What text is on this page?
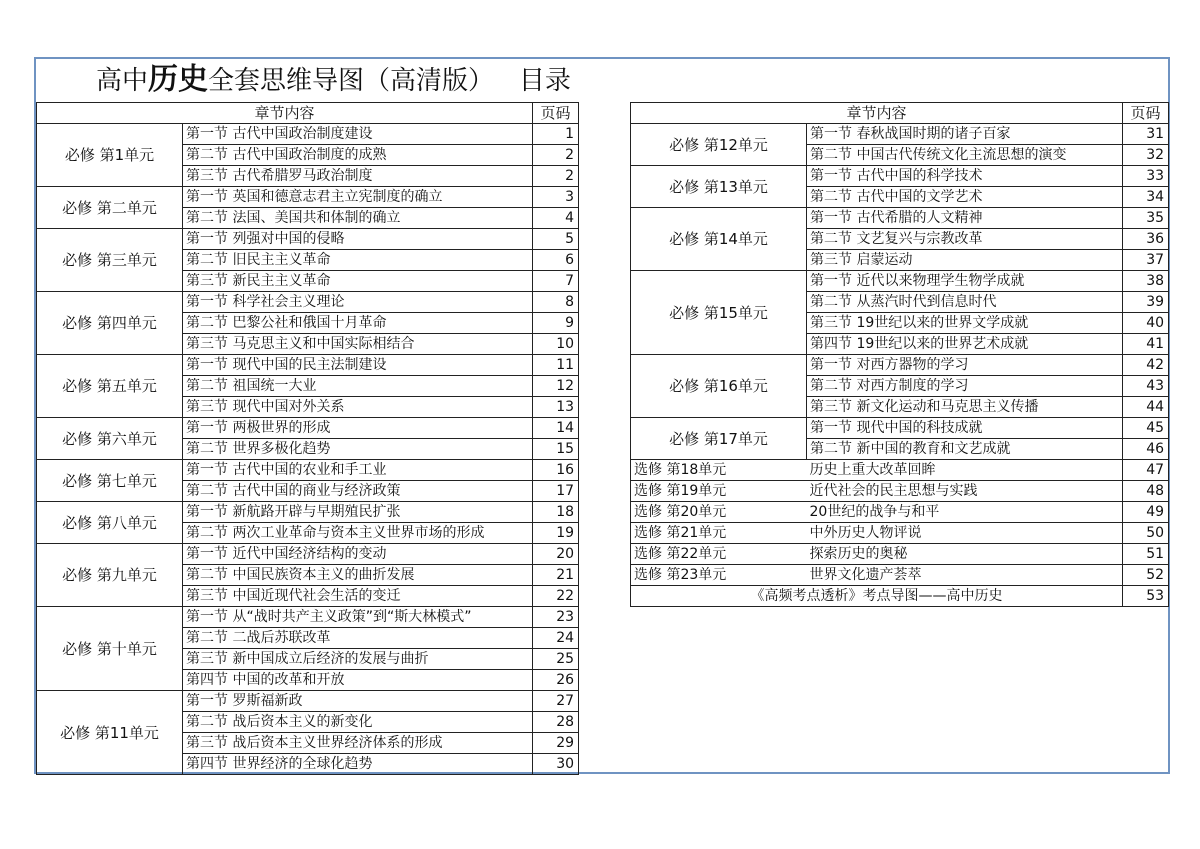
高中历史全套思维导图（高清版） 目录
章节内容		页码
必修 第1单元	第一节 古代中国政治制度建设	1
	第二节 古代中国政治制度的成熟	2
	第三节 古代希腊罗马政治制度	2
必修 第二单元	第一节 英国和德意志君主立宪制度的确立	3
	第二节 法国、美国共和体制的确立	4
必修 第三单元	第一节 列强对中国的侵略	5
	第二节 旧民主主义革命	6
	第三节 新民主主义革命	7
必修 第四单元	第一节 科学社会主义理论	8
	第二节 巴黎公社和俄国十月革命	9
	第三节 马克思主义和中国实际相结合	10
必修 第五单元	第一节 现代中国的民主法制建设	11
	第二节 祖国统一大业	12
	第三节 现代中国对外关系	13
必修 第六单元	第一节 两极世界的形成	14
	第二节 世界多极化趋势	15
必修 第七单元	第一节 古代中国的农业和手工业	16
	第二节 古代中国的商业与经济政策	17
必修 第八单元	第一节 新航路开辟与早期殖民扩张	18
	第二节 两次工业革命与资本主义世界市场的形成	19
必修 第九单元	第一节 近代中国经济结构的变动	20
	第二节 中国民族资本主义的曲折发展	21
	第三节 中国近现代社会生活的变迁	22
必修 第十单元	第一节 从“战时共产主义政策”到“斯大林模式”	23
	第二节 二战后苏联改革	24
	第三节 新中国成立后经济的发展与曲折	25
	第四节 中国的改革和开放	26
必修 第11单元	第一节 罗斯福新政	27
	第二节 战后资本主义的新变化	28
	第三节 战后资本主义世界经济体系的形成	29
	第四节 世界经济的全球化趋势	30
章节内容		页码
必修 第12单元	第一节 春秋战国时期的诸子百家	31
	第二节 中国古代传统文化主流思想的演变	32
必修 第13单元	第一节 古代中国的科学技术	33
	第二节 古代中国的文学艺术	34
必修 第14单元	第一节 古代希腊的人文精神	35
	第二节 文艺复兴与宗教改革	36
	第三节 启蒙运动	37
必修 第15单元	第一节 近代以来物理学生物学成就	38
	第二节 从蒸汽时代到信息时代	39
	第三节 19世纪以来的世界文学成就	40
	第四节 19世纪以来的世界艺术成就	41
必修 第16单元	第一节 对西方器物的学习	42
	第二节 对西方制度的学习	43
	第三节 新文化运动和马克思主义传播	44
必修 第17单元	第一节 现代中国的科技成就	45
	第二节 新中国的教育和文艺成就	46
选修 第18单元	历史上重大改革回眸	47
选修 第19单元	近代社会的民主思想与实践	48
选修 第20单元	20世纪的战争与和平	49
选修 第21单元	中外历史人物评说	50
选修 第22单元	探索历史的奥秘	51
选修 第23单元	世界文化遗产荟萃	52
《高频考点透析》考点导图——高中历史		53
